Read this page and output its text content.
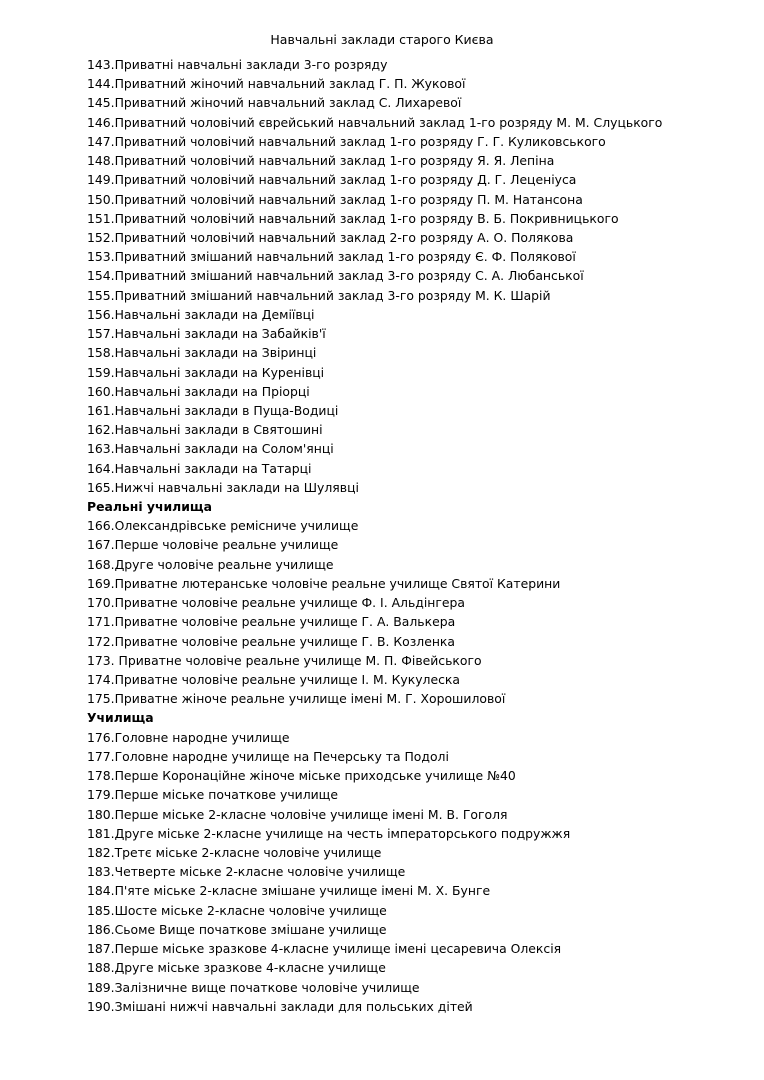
Навчальні заклади старого Києва
143.Приватні навчальні заклади 3-го розряду
144.Приватний жіночий навчальний заклад Г. П. Жукової
145.Приватний жіночий навчальний заклад С. Лихаревої
146.Приватний чоловічий єврейський навчальний заклад 1-го розряду М. М. Слуцького
147.Приватний чоловічий навчальний заклад 1-го розряду Г. Г. Куликовського
148.Приватний чоловічий навчальний заклад 1-го розряду Я. Я. Лепіна
149.Приватний чоловічий навчальний заклад 1-го розряду Д. Г. Леценіуса
150.Приватний чоловічий навчальний заклад 1-го розряду П. М. Натансона
151.Приватний чоловічий навчальний заклад 1-го розряду В. Б. Покривницького
152.Приватний чоловічий навчальний заклад 2-го розряду А. О. Полякова
153.Приватний змішаний навчальний заклад 1-го розряду Є. Ф. Полякової
154.Приватний змішаний навчальний заклад 3-го розряду С. А. Любанської
155.Приватний змішаний навчальний заклад 3-го розряду М. К. Шарій
156.Навчальні заклади на Деміївці
157.Навчальні заклади на Забайків'ї
158.Навчальні заклади на Звіринці
159.Навчальні заклади на Куренівці
160.Навчальні заклади на Пріорці
161.Навчальні заклади в Пуща-Водиці
162.Навчальні заклади в Святошині
163.Навчальні заклади на Солом'янці
164.Навчальні заклади на Татарці
165.Нижчі навчальні заклади на Шулявці
Реальні училища
166.Олександрівське ремісниче училище
167.Перше чоловіче реальне училище
168.Друге чоловіче реальне училище
169.Приватне лютеранське чоловіче реальне училище Святої Катерини
170.Приватне чоловіче реальне училище Ф. І. Альдінгера
171.Приватне чоловіче реальне училище Г. А. Валькера
172.Приватне чоловіче реальне училище Г. В. Козленка
173. Приватне чоловіче реальне училище М. П. Фівейського
174.Приватне чоловіче реальне училище І. М. Кукулеска
175.Приватне жіноче реальне училище імені М. Г. Хорошилової
Училища
176.Головне народне училище
177.Головне народне училище на Печерську та Подолі
178.Перше Коронаційне жіноче міське приходське училище №40
179.Перше міське початкове училище
180.Перше міське 2-класне чоловіче училище імені М. В. Гоголя
181.Друге міське 2-класне училище на честь імператорського подружжя
182.Третє міське 2-класне чоловіче училище
183.Четверте міське 2-класне чоловіче училище
184.П'яте міське 2-класне змішане училище імені М. Х. Бунге
185.Шосте міське 2-класне чоловіче училище
186.Сьоме Вище початкове змішане училище
187.Перше міське зразкове 4-класне училище імені цесаревича Олексія
188.Друге міське зразкове 4-класне училище
189.Залізничне вище початкове чоловіче училище
190.Змішані нижчі навчальні заклади для польських дітей
